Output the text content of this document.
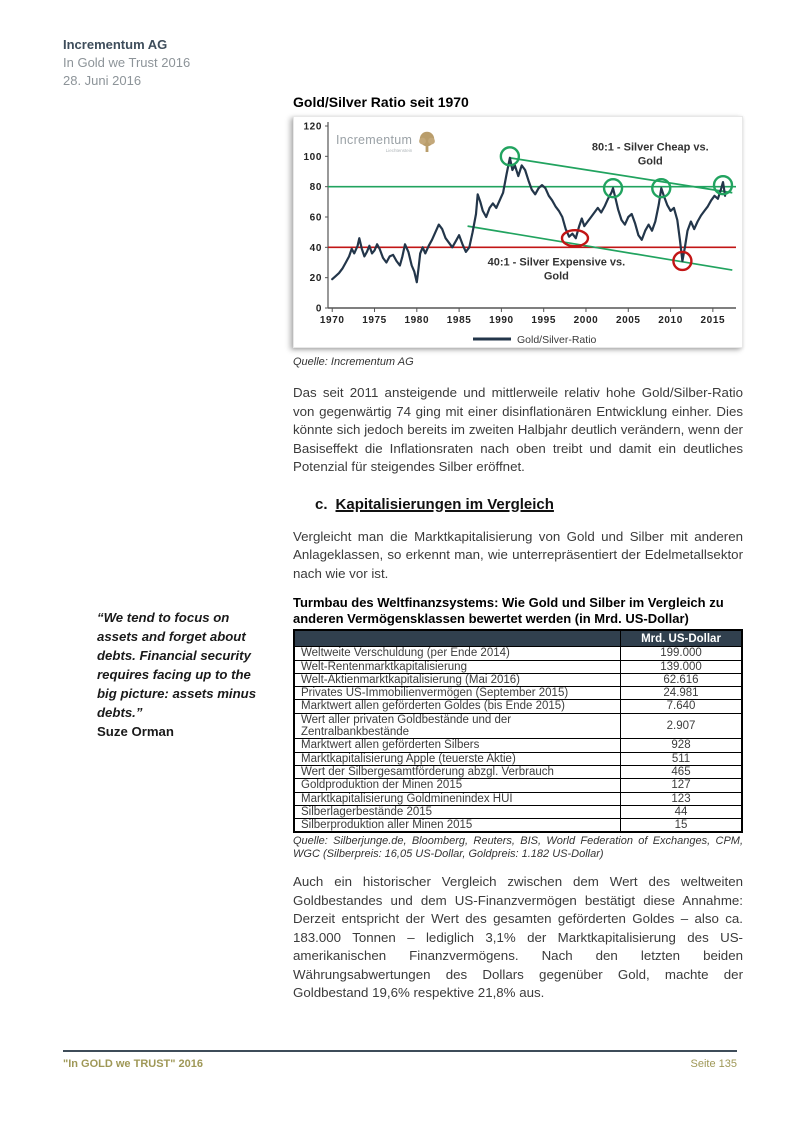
Incrementum AG
In Gold we Trust 2016
28. Juni 2016

“We tend to focus on assets and forget about debts. Financial security requires facing up to the big picture: assets minus debts.”

Suze Orman

Gold/Silver Ratio seit 1970
Incrementum
Liechtenstein
0
20
40
60
80
100
120
1970 1975 1980 1985 1990 1995 2000 2005 2010 2015
80:1 - Silver Cheap vs.
Gold
40:1 - Silver Expensive vs.
Gold
Gold/Silver-Ratio

Quelle: Incrementum AG

Das seit 2011 ansteigende und mittlerweile relativ hohe Gold/Silber-Ratio von gegenwärtig 74 ging mit einer disinflationären Entwicklung einher. Dies könnte sich jedoch bereits im zweiten Halbjahr deutlich verändern, wenn der Basiseffekt die Inflationsraten nach oben treibt und damit ein deutliches Potenzial für steigendes Silber eröffnet.

c. Kapitalisierungen im Vergleich

Vergleicht man die Marktkapitalisierung von Gold und Silber mit anderen Anlageklassen, so erkennt man, wie unterrepräsentiert der Edelmetallsektor nach wie vor ist.

Turmbau des Weltfinanzsystems: Wie Gold und Silber im Vergleich zu anderen Vermögensklassen bewertet werden (in Mrd. US-Dollar)
	Mrd. US-Dollar
Weltweite Verschuldung (per Ende 2014)	199.000
Welt-Rentenmarktkapitalisierung	139.000
Welt-Aktienmarktkapitalisierung (Mai 2016)	62.616
Privates US-Immobilienvermögen (September 2015)	24.981
Marktwert allen geförderten Goldes (bis Ende 2015)	7.640
Wert aller privaten Goldbestände und der Zentralbankbestände	2.907
Marktwert allen geförderten Silbers	928
Marktkapitalisierung Apple (teuerste Aktie)	511
Wert der Silbergesamtförderung abzgl. Verbrauch	465
Goldproduktion der Minen 2015	127
Marktkapitalisierung Goldminenindex HUI	123
Silberlagerbestände 2015	44
Silberproduktion aller Minen 2015	15

Quelle: Silberjunge.de, Bloomberg, Reuters, BIS, World Federation of Exchanges, CPM, WGC (Silberpreis: 16,05 US-Dollar, Goldpreis: 1.182 US-Dollar)

Auch ein historischer Vergleich zwischen dem Wert des weltweiten Goldbestandes und dem US-Finanzvermögen bestätigt diese Annahme: Derzeit entspricht der Wert des gesamten geförderten Goldes – also ca. 183.000 Tonnen – lediglich 3,1% der Marktkapitalisierung des US-amerikanischen Finanzvermögens. Nach den letzten beiden Währungsabwertungen des Dollars gegenüber Gold, machte der Goldbestand 19,6% respektive 21,8% aus.

"In GOLD we TRUST" 2016	Seite 135
